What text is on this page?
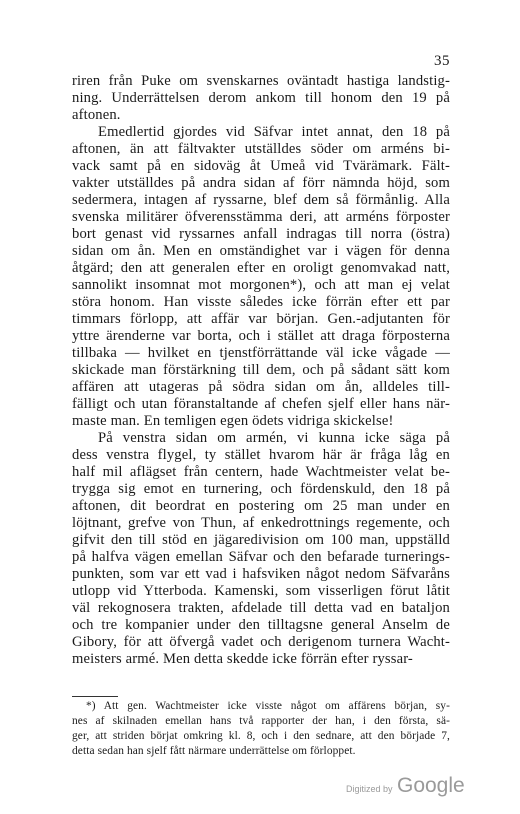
35
riren från Puke om svenskarnes oväntadt hastiga landstig-
ning. Underrättelsen derom ankom till honom den 19 på
aftonen.
Emedlertid gjordes vid Säfvar intet annat, den 18 på
aftonen, än att fältvakter utställdes söder om arméns bi-
vack samt på en sidoväg åt Umeå vid Tvärämark. Fält-
vakter utställdes på andra sidan af förr nämnda höjd, som
sedermera, intagen af ryssarne, blef dem så förmånlig. Alla
svenska militärer öfverensstämma deri, att arméns förposter
bort genast vid ryssarnes anfall indragas till norra (östra)
sidan om ån. Men en omständighet var i vägen för denna
åtgärd; den att generalen efter en oroligt genomvakad natt,
sannolikt insomnat mot morgonen*), och att man ej velat
störa honom. Han visste således icke förrän efter ett par
timmars förlopp, att affär var början. Gen.-adjutanten för
yttre ärenderne var borta, och i stället att draga förposterna
tillbaka — hvilket en tjenstförrättande väl icke vågade —
skickade man förstärkning till dem, och på sådant sätt kom
affären att utageras på södra sidan om ån, alldeles till-
fälligt och utan föranstaltande af chefen sjelf eller hans när-
maste man. En temligen egen ödets vidriga skickelse!
På venstra sidan om armén, vi kunna icke säga på
dess venstra flygel, ty stället hvarom här är fråga låg en
half mil aflägset från centern, hade Wachtmeister velat be-
trygga sig emot en turnering, och fördenskuld, den 18 på
aftonen, dit beordrat en postering om 25 man under en
löjtnant, grefve von Thun, af enkedrottnings regemente, och
gifvit den till stöd en jägaredivision om 100 man, uppställd
på halfva vägen emellan Säfvar och den befarade turnerings-
punkten, som var ett vad i hafsviken något nedom Säfvaråns
utlopp vid Ytterboda. Kamenski, som visserligen förut låtit
väl rekognosera trakten, afdelade till detta vad en bataljon
och tre kompanier under den tilltagsne general Anselm de
Gibory, för att öfvergå vadet och derigenom turnera Wacht-
meisters armé. Men detta skedde icke förrän efter ryssar-
*) Att gen. Wachtmeister icke visste något om affärens början, sy-
nes af skilnaden emellan hans två rapporter der han, i den första, sä-
ger, att striden börjat omkring kl. 8, och i den sednare, att den började 7,
detta sedan han sjelf fått närmare underrättelse om förloppet.
Digitized by Google
